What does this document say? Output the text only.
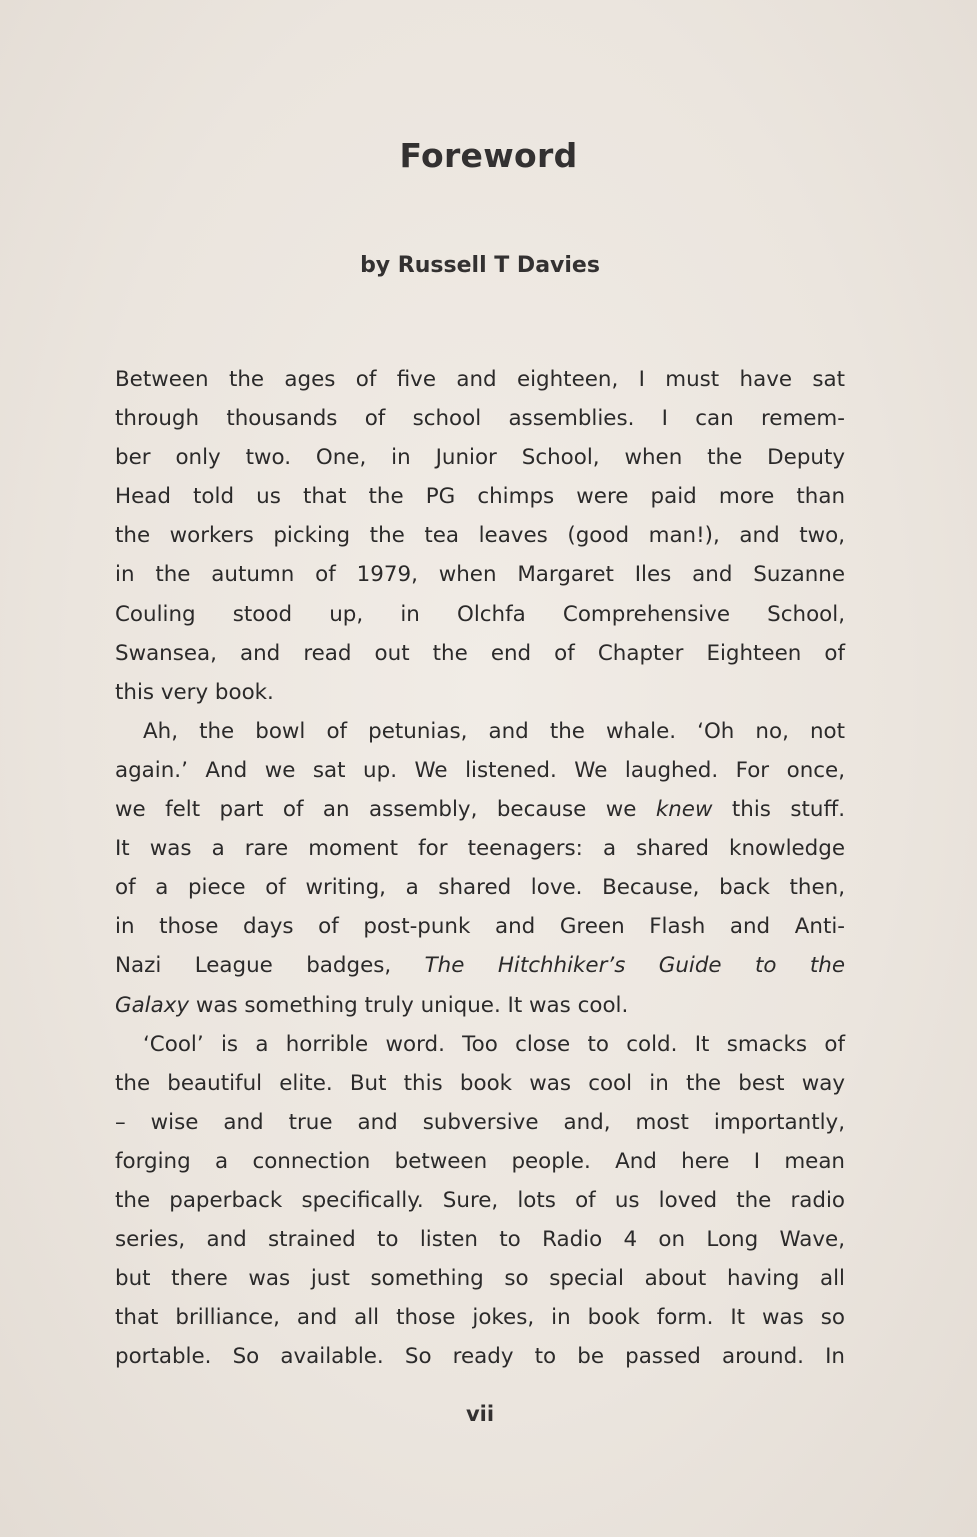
Foreword
by Russell T Davies
Between the ages of five and eighteen, I must have sat
through thousands of school assemblies. I can remem-
ber only two. One, in Junior School, when the Deputy
Head told us that the PG chimps were paid more than
the workers picking the tea leaves (good man!), and two,
in the autumn of 1979, when Margaret Iles and Suzanne
Couling stood up, in Olchfa Comprehensive School,
Swansea, and read out the end of Chapter Eighteen of
this very book.
Ah, the bowl of petunias, and the whale. ‘Oh no, not
again.’ And we sat up. We listened. We laughed. For once,
we felt part of an assembly, because we knew this stuff.
It was a rare moment for teenagers: a shared knowledge
of a piece of writing, a shared love. Because, back then,
in those days of post-punk and Green Flash and Anti-
Nazi League badges, The Hitchhiker’s Guide to the
Galaxy was something truly unique. It was cool.
‘Cool’ is a horrible word. Too close to cold. It smacks of
the beautiful elite. But this book was cool in the best way
– wise and true and subversive and, most importantly,
forging a connection between people. And here I mean
the paperback specifically. Sure, lots of us loved the radio
series, and strained to listen to Radio 4 on Long Wave,
but there was just something so special about having all
that brilliance, and all those jokes, in book form. It was so
portable. So available. So ready to be passed around. In
vii
